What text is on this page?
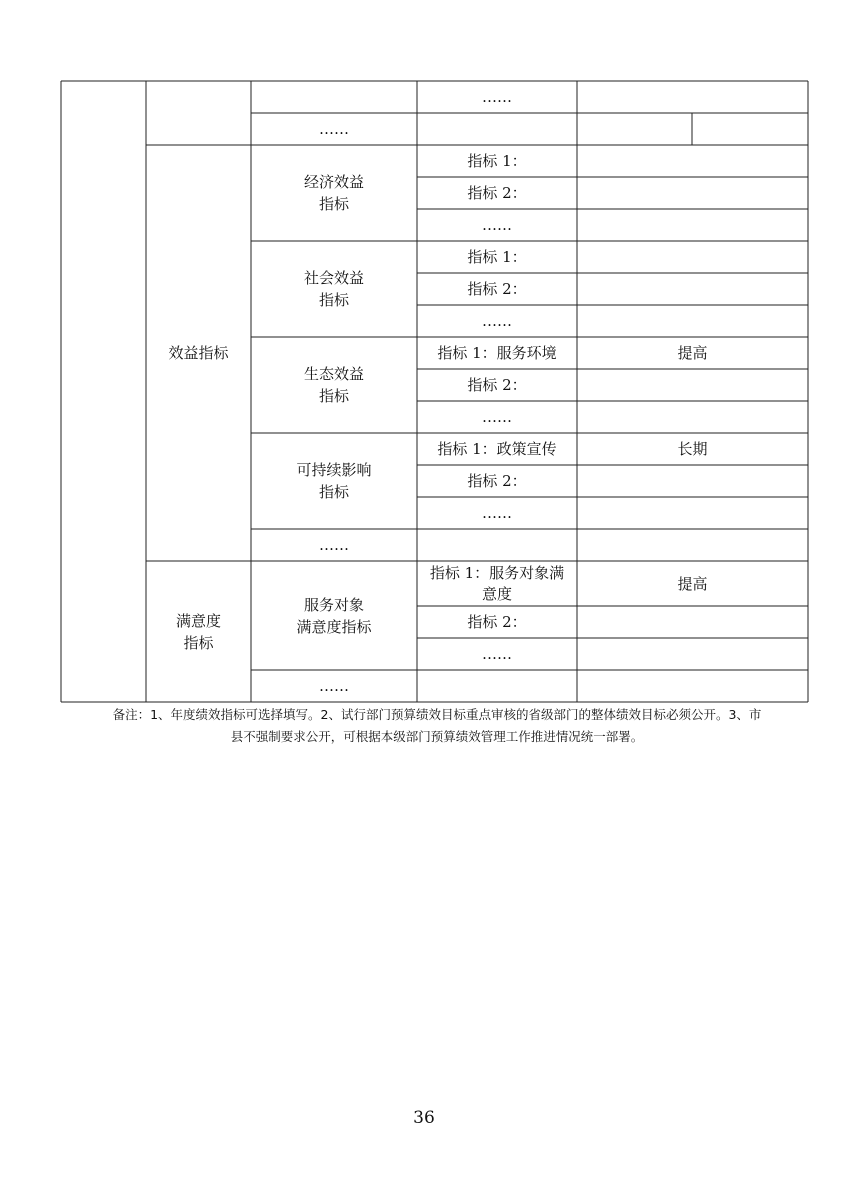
……
……
效益指标
经济效益
指标
指标 1：
指标 2：
……
社会效益
指标
指标 1：
指标 2：
……
生态效益
指标
指标 1：服务环境	提高
指标 2：
……
可持续影响
指标
指标 1：政策宣传	长期
指标 2：
……
……
满意度
指标
服务对象
满意度指标
指标 1：服务对象满
意度
提高
指标 2：
……
……
备注：1、年度绩效指标可选择填写。2、试行部门预算绩效目标重点审核的省级部门的整体绩效目标必须公开。3、市
县不强制要求公开，可根据本级部门预算绩效管理工作推进情况统一部署。
36
